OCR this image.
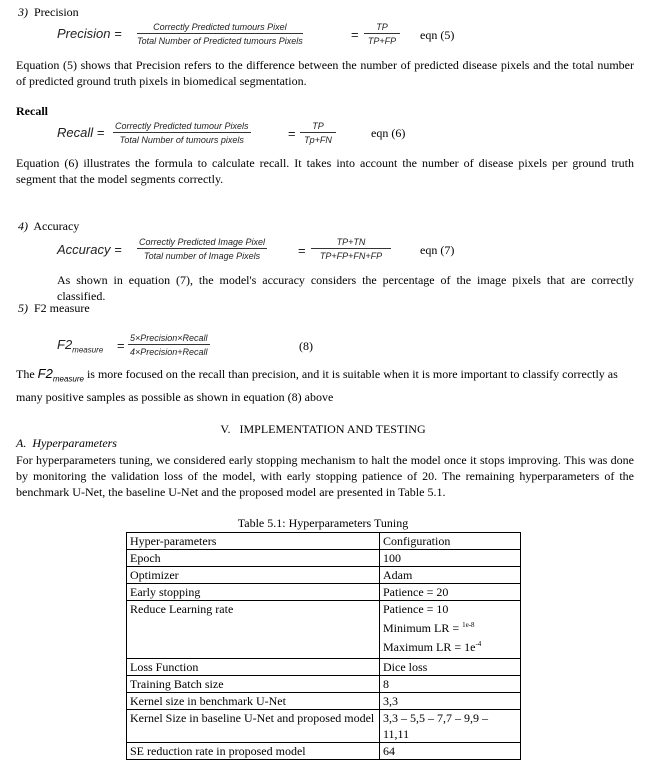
3) Precision
Precision =	Correctly Predicted tumours Pixel
Total Number of Predicted tumours Pixels	= $\frac{TP}{TP+FP}$ eqn (5)
Equation (5) shows that Precision refers to the difference between the number of predicted disease pixels and the total number of predicted ground truth pixels in biomedical segmentation.
Recall
Recall = Correctly Predicted tumour Pixels
Total Number of tumours pixels	= $\frac{TP}{Tp+FN}$	eqn (6)
Equation (6) illustrates the formula to calculate recall. It takes into account the number of disease pixels per ground truth segment that the model segments correctly.
4) Accuracy
Accuracy = Correctly Predicted Image Pixel
Total number of Image Pixels	= $\frac{TP+TN}{TP+FP+FN+FP}$ eqn (7)
As shown in equation (7), the model's accuracy considers the percentage of the image pixels that are correctly classified.
5) F2 measure
$F2_{measure}$ = 5×Precision×Recall
4×Precision+Recall	(8)
The $F2_{measure}$ is more focused on the recall than precision, and it is suitable when it is more important to classify correctly as
many positive samples as possible as shown in equation (8) above
V.   IMPLEMENTATION AND TESTING
A.  Hyperparameters
For hyperparameters tuning, we considered early stopping mechanism to halt the model once it stops improving. This was done by monitoring the validation loss of the model, with early stopping patience of 20. The remaining hyperparameters of the benchmark U-Net, the baseline U-Net and the proposed model are presented in Table 5.1.
Table 5.1: Hyperparameters Tuning
Hyper-parameters	Configuration
Epoch	100
Optimizer	Adam
Early stopping	Patience = 20
Reduce Learning rate	Patience = 10
Minimum LR = $^{1e-8}$
Maximum LR = $1e^{-4}$

Loss Function	Dice loss
Training Batch size	8
Kernel size in benchmark U-Net	3,3
Kernel Size in baseline U-Net and proposed model	3,3 – 5,5 – 7,7 – 9,9 – 11,11
SE reduction rate in proposed model	64
